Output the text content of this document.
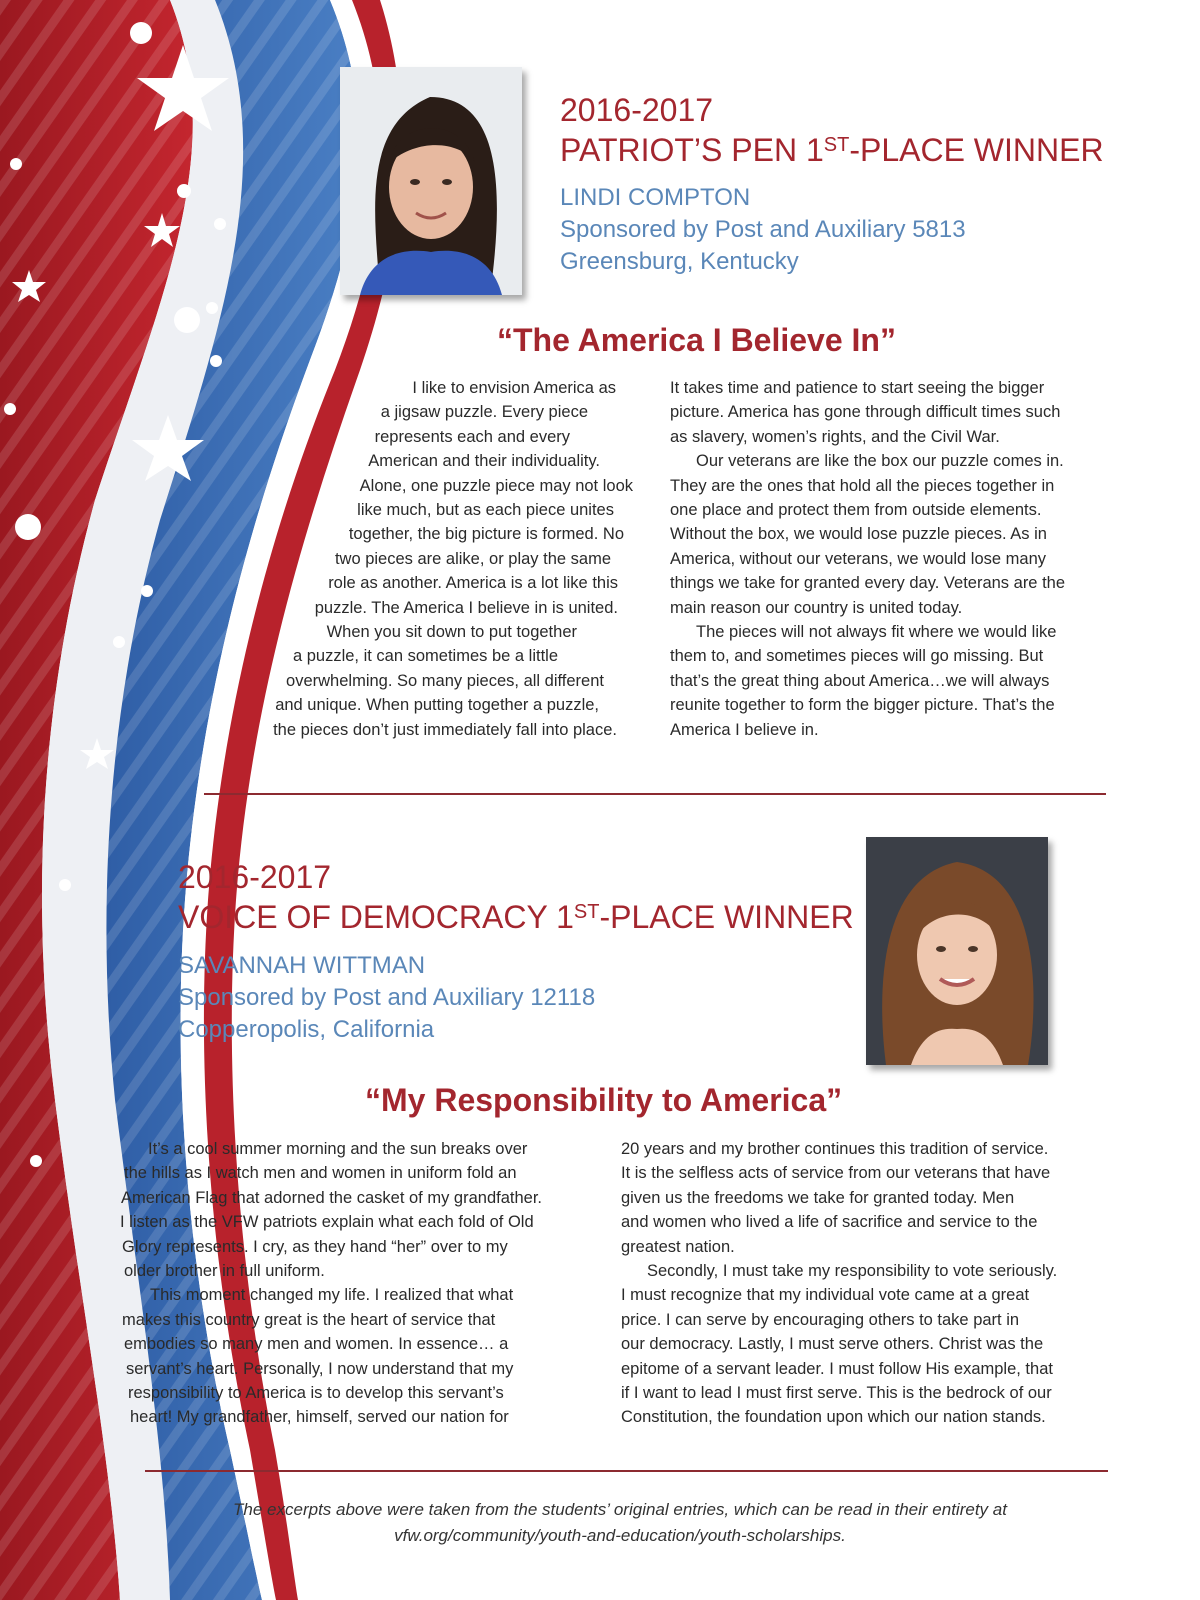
2016-2017
PATRIOT’S PEN 1ST-PLACE WINNER
LINDI COMPTON
Sponsored by Post and Auxiliary 5813
Greensburg, Kentucky
“The America I Believe In”

I like to envision America as

a jigsaw puzzle. Every piece

represents each and every

American and their individuality.

Alone, one puzzle piece may not look

like much, but as each piece unites

together, the big picture is formed. No

two pieces are alike, or play the same

role as another. America is a lot like this

puzzle. The America I believe in is united.

When you sit down to put together

a puzzle, it can sometimes be a little

overwhelming. So many pieces, all different

and unique. When putting together a puzzle,

the pieces don’t just immediately fall into place.

It takes time and patience to start seeing the bigger

picture. America has gone through difficult times such

as slavery, women’s rights, and the Civil War.

Our veterans are like the box our puzzle comes in.

They are the ones that hold all the pieces together in

one place and protect them from outside elements.

Without the box, we would lose puzzle pieces. As in

America, without our veterans, we would lose many

things we take for granted every day. Veterans are the

main reason our country is united today.

The pieces will not always fit where we would like

them to, and sometimes pieces will go missing. But

that’s the great thing about America…we will always

reunite together to form the bigger picture. That’s the

America I believe in.

2016-2017
VOICE OF DEMOCRACY 1ST-PLACE WINNER
SAVANNAH WITTMAN
Sponsored by Post and Auxiliary 12118
Copperopolis, California
“My Responsibility to America”

It’s a cool summer morning and the sun breaks over

the hills as I watch men and women in uniform fold an

American Flag that adorned the casket of my grandfather.

I listen as the VFW patriots explain what each fold of Old

Glory represents. I cry, as they hand “her” over to my

older brother in full uniform.

This moment changed my life. I realized that what

makes this country great is the heart of service that

embodies so many men and women. In essence… a

servant’s heart. Personally, I now understand that my

responsibility to America is to develop this servant’s

heart! My grandfather, himself, served our nation for

20 years and my brother continues this tradition of service.

It is the selfless acts of service from our veterans that have

given us the freedoms we take for granted today. Men

and women who lived a life of sacrifice and service to the

greatest nation.

Secondly, I must take my responsibility to vote seriously.

I must recognize that my individual vote came at a great

price. I can serve by encouraging others to take part in

our democracy. Lastly, I must serve others. Christ was the

epitome of a servant leader. I must follow His example, that

if I want to lead I must first serve. This is the bedrock of our

Constitution, the foundation upon which our nation stands.

The excerpts above were taken from the students’ original entries, which can be read in their entirety at
vfw.org/community/youth-and-education/youth-scholarships.
